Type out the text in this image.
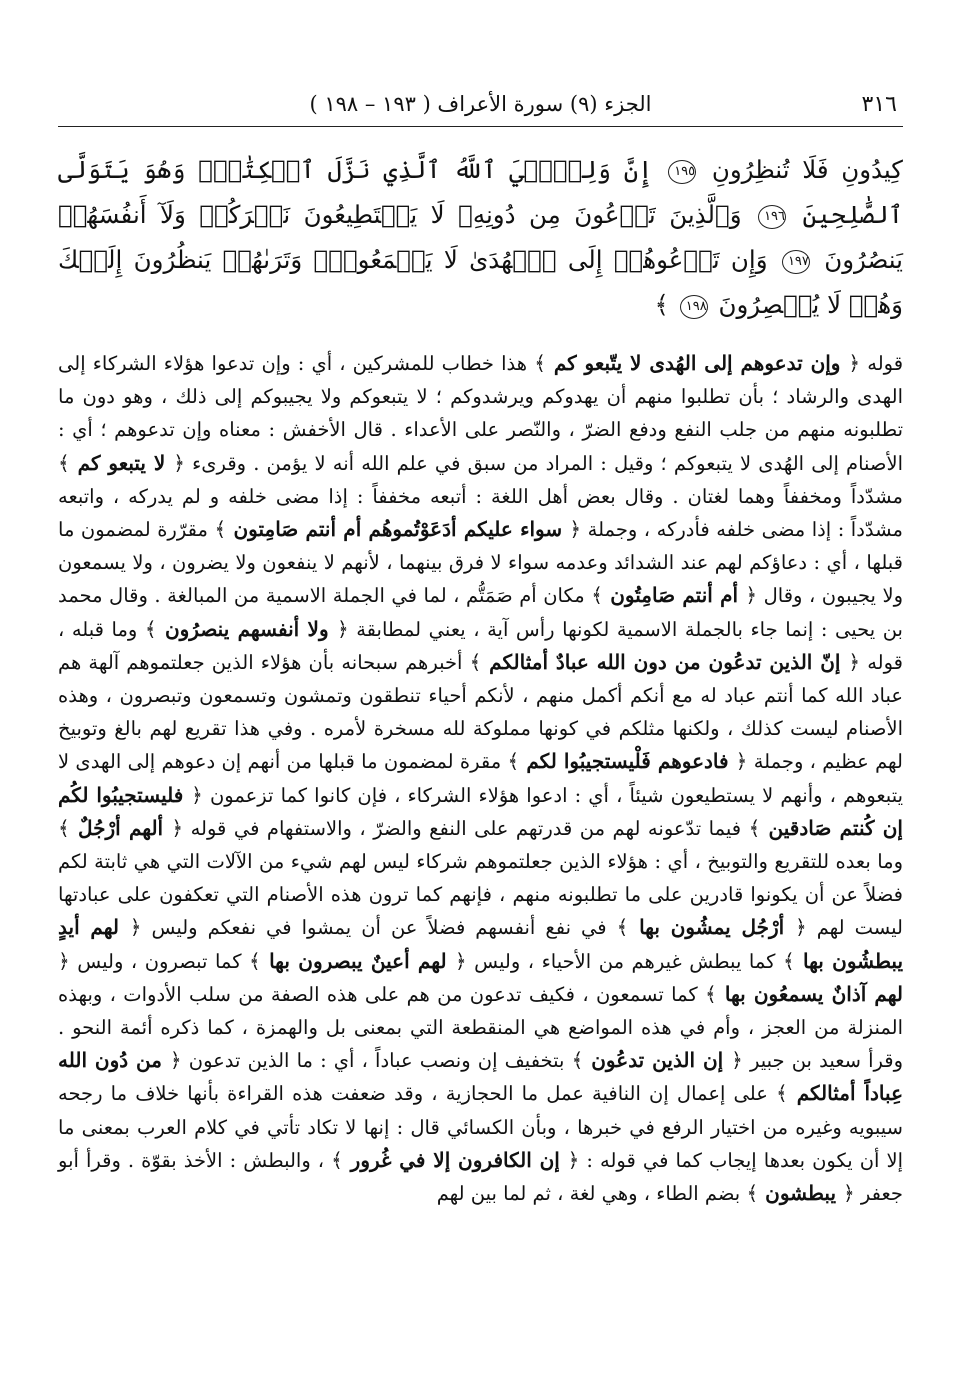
٣١٦
الجزء (٩) سورة الأعراف ( ١٩٣ – ١٩٨ )
كِيدُونِ فَلَا تُنظِرُونِ ١٩٥ إِنَّ وَلِـِّۧيَ ٱللَّهُ ٱلَّذِي نَزَّلَ ٱلۡكِتَٰبَۖ وَهُوَ يَتَوَلَّى ٱلصَّٰلِحِينَ ١٩٦ وَٱلَّذِينَ تَدۡعُونَ مِن دُونِهِۦ لَا يَسۡتَطِيعُونَ نَصۡرَكُمۡ وَلَآ أَنفُسَهُمۡ يَنصُرُونَ ١٩٧ وَإِن تَدۡعُوهُمۡ إِلَى ٱلۡهُدَىٰ لَا يَسۡمَعُواْۖ وَتَرَىٰهُمۡ يَنظُرُونَ إِلَيۡكَ وَهُمۡ لَا يُبۡصِرُونَ ١٩٨ ﴾
قوله ﴿ وإن تدعوهم إلى الهُدى لا يتّبعو كم ﴾ هذا خطاب للمشركين ، أي : وإن تدعوا هؤلاء الشركاء إلى الهدى والرشاد ؛ بأن تطلبوا منهم أن يهدوكم ويرشدوكم ؛ لا يتبعوكم ولا يجيبوكم إلى ذلك ، وهو دون ما تطلبونه منهم من جلب النفع ودفع الضرّ ، والنّصر على الأعداء . قال الأخفش : معناه وإن تدعوهم ؛ أي : الأصنام إلى الهُدى لا يتبعوكم ؛ وقيل : المراد من سبق في علم الله أنه لا يؤمن . وقرىء ﴿ لا يتبعو كم ﴾ مشدّداً ومخففاً وهما لغتان . وقال بعض أهل اللغة : أتبعه مخففاً : إذا مضى خلفه و لم يدركه ، واتبعه مشدّداً : إذا مضى خلفه فأدركه ، وجملة ﴿ سواء عليكم أدَعَوْتُموهُم أم أنتم صَامِتون ﴾ مقرّرة لمضمون ما قبلها ، أي : دعاؤكم لهم عند الشدائد وعدمه سواء لا فرق بينهما ، لأنهم لا ينفعون ولا يضرون ، ولا يسمعون ولا يجيبون ، وقال ﴿ أم أنتم صَامِتُون ﴾ مكان أم صَمَتُّم ، لما في الجملة الاسمية من المبالغة . وقال محمد بن يحيى : إنما جاء بالجملة الاسمية لكونها رأس آية ، يعني لمطابقة ﴿ ولا أنفسهم ينصرُون ﴾ وما قبله ، قوله ﴿ إنّ الذين تدعُون من دون الله عبادٌ أمثالكم ﴾ أخبرهم سبحانه بأن هؤلاء الذين جعلتموهم آلهة هم عباد الله كما أنتم عباد له مع أنكم أكمل منهم ، لأنكم أحياء تنطقون وتمشون وتسمعون وتبصرون ، وهذه الأصنام ليست كذلك ، ولكنها مثلكم في كونها مملوكة لله مسخرة لأمره . وفي هذا تقريع لهم بالغ وتوبيخ لهم عظيم ، وجملة ﴿ فادعوهم فَلْيستجيبُوا لكم ﴾ مقرة لمضمون ما قبلها من أنهم إن دعوهم إلى الهدى لا يتبعوهم ، وأنهم لا يستطيعون شيئاً ، أي : ادعوا هؤلاء الشركاء ، فإن كانوا كما تزعمون ﴿ فليستجيبُوا لكُم إن كُنتم صَادقين ﴾ فيما تدّعونه لهم من قدرتهم على النفع والضرّ ، والاستفهام في قوله ﴿ ألهم أرْجُلٌ ﴾ وما بعده للتقريع والتوبيخ ، أي : هؤلاء الذين جعلتموهم شركاء ليس لهم شيء من الآلات التي هي ثابتة لكم فضلاً عن أن يكونوا قادرين على ما تطلبونه منهم ، فإنهم كما ترون هذه الأصنام التي تعكفون على عبادتها ليست لهم ﴿ أرْجُل يمشُون بها ﴾ في نفع أنفسهم فضلاً عن أن يمشوا في نفعكم وليس ﴿ لهم أيدٍ يبطشُون بها ﴾ كما يبطش غيرهم من الأحياء ، وليس ﴿ لهم أعينٌ يبصرون بها ﴾ كما تبصرون ، وليس ﴿ لهم آذانٌ يسمعُون بها ﴾ كما تسمعون ، فكيف تدعون من هم على هذه الصفة من سلب الأدوات ، وبهذه المنزلة من العجز ، وأم في هذه المواضع هي المنقطعة التي بمعنى بل والهمزة ، كما ذكره أئمة النحو . وقرأ سعيد بن جبير ﴿ إن الذين تدعُون ﴾ بتخفيف إن ونصب عباداً ، أي : ما الذين تدعون ﴿ من دُون الله عِباداً أمثالكم ﴾ على إعمال إن النافية عمل ما الحجازية ، وقد ضعفت هذه القراءة بأنها خلاف ما رجحه سيبويه وغيره من اختيار الرفع في خبرها ، وبأن الكسائي قال : إنها لا تكاد تأتي في كلام العرب بمعنى ما إلا أن يكون بعدها إيجاب كما في قوله : ﴿ إن الكافرون إلا في غُرور ﴾ ، والبطش : الأخذ بقوّة . وقرأ أبو جعفر ﴿ يبطشون ﴾ بضم الطاء ، وهي لغة ، ثم لما بين لهم
